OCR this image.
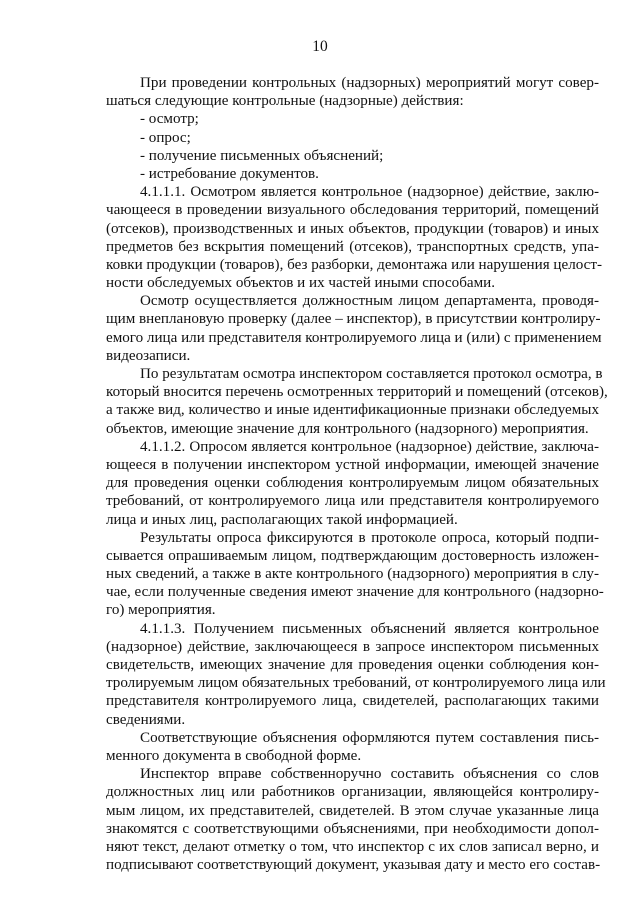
10
При проведении контрольных (надзорных) мероприятий могут совер-
шаться следующие контрольные (надзорные) действия:
- осмотр;
- опрос;
- получение письменных объяснений;
- истребование документов.
4.1.1.1. Осмотром является контрольное (надзорное) действие, заклю-
чающееся в проведении визуального обследования территорий, помещений
(отсеков), производственных и иных объектов, продукции (товаров) и иных
предметов без вскрытия помещений (отсеков), транспортных средств, упа-
ковки продукции (товаров), без разборки, демонтажа или нарушения целост-
ности обследуемых объектов и их частей иными способами.
Осмотр осуществляется должностным лицом департамента, проводя-
щим внеплановую проверку (далее – инспектор), в присутствии контролиру-
емого лица или представителя контролируемого лица и (или) с применением
видеозаписи.
По результатам осмотра инспектором составляется протокол осмотра, в
который вносится перечень осмотренных территорий и помещений (отсеков),
а также вид, количество и иные идентификационные признаки обследуемых
объектов, имеющие значение для контрольного (надзорного) мероприятия.
4.1.1.2. Опросом является контрольное (надзорное) действие, заключа-
ющееся в получении инспектором устной информации, имеющей значение
для проведения оценки соблюдения контролируемым лицом обязательных
требований, от контролируемого лица или представителя контролируемого
лица и иных лиц, располагающих такой информацией.
Результаты опроса фиксируются в протоколе опроса, который подпи-
сывается опрашиваемым лицом, подтверждающим достоверность изложен-
ных сведений, а также в акте контрольного (надзорного) мероприятия в слу-
чае, если полученные сведения имеют значение для контрольного (надзорно-
го) мероприятия.
4.1.1.3. Получением письменных объяснений является контрольное
(надзорное) действие, заключающееся в запросе инспектором письменных
свидетельств, имеющих значение для проведения оценки соблюдения кон-
тролируемым лицом обязательных требований, от контролируемого лица или
представителя контролируемого лица, свидетелей, располагающих такими
сведениями.
Соответствующие объяснения оформляются путем составления пись-
менного документа в свободной форме.
Инспектор вправе собственноручно составить объяснения со слов
должностных лиц или работников организации, являющейся контролиру-
мым лицом, их представителей, свидетелей. В этом случае указанные лица
знакомятся с соответствующими объяснениями, при необходимости допол-
няют текст, делают отметку о том, что инспектор с их слов записал верно, и
подписывают соответствующий документ, указывая дату и место его состав-
